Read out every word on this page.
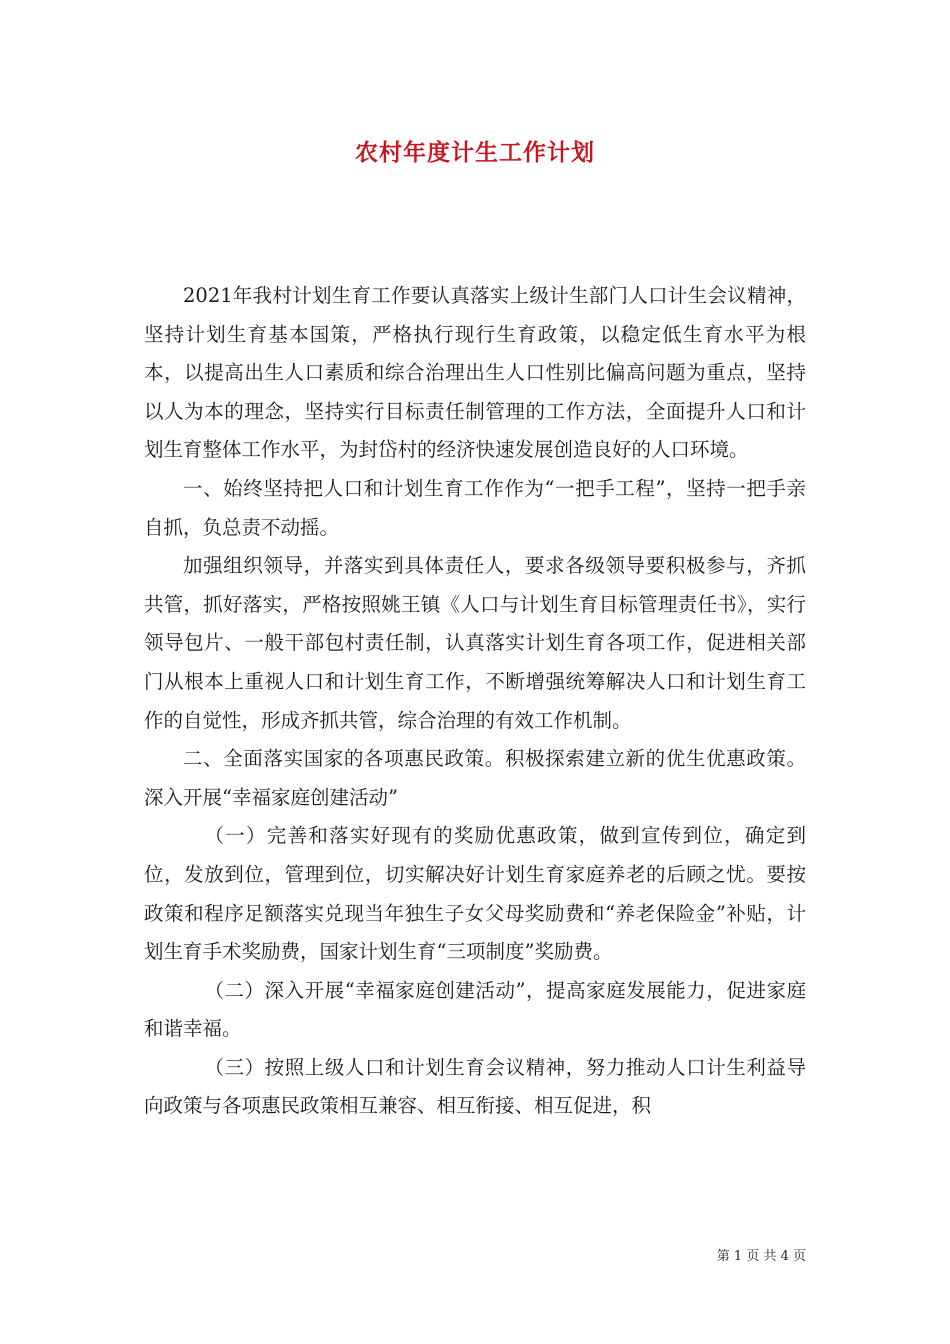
农村年度计生工作计划

2021年我村计划生育工作要认真落实上级计生部门人口计生会议精神，坚持计划生育基本国策，严格执行现行生育政策，以稳定低生育水平为根本，以提高出生人口素质和综合治理出生人口性别比偏高问题为重点，坚持以人为本的理念，坚持实行目标责任制管理的工作方法，全面提升人口和计划生育整体工作水平，为封岱村的经济快速发展创造良好的人口环境。

一、始终坚持把人口和计划生育工作作为“一把手工程”，坚持一把手亲自抓，负总责不动摇。

加强组织领导，并落实到具体责任人，要求各级领导要积极参与，齐抓共管，抓好落实，严格按照姚王镇《人口与计划生育目标管理责任书》，实行领导包片、一般干部包村责任制，认真落实计划生育各项工作，促进相关部门从根本上重视人口和计划生育工作，不断增强统筹解决人口和计划生育工作的自觉性，形成齐抓共管，综合治理的有效工作机制。

二、全面落实国家的各项惠民政策。积极探索建立新的优生优惠政策。深入开展“幸福家庭创建活动”

（一）完善和落实好现有的奖励优惠政策，做到宣传到位，确定到位，发放到位，管理到位，切实解决好计划生育家庭养老的后顾之忧。要按政策和程序足额落实兑现当年独生子女父母奖励费和“养老保险金”补贴，计划生育手术奖励费，国家计划生育“三项制度”奖励费。

（二）深入开展“幸福家庭创建活动”，提高家庭发展能力，促进家庭和谐幸福。

（三）按照上级人口和计划生育会议精神，努力推动人口计生利益导向政策与各项惠民政策相互兼容、相互衔接、相互促进，积

第 1 页 共 4 页
